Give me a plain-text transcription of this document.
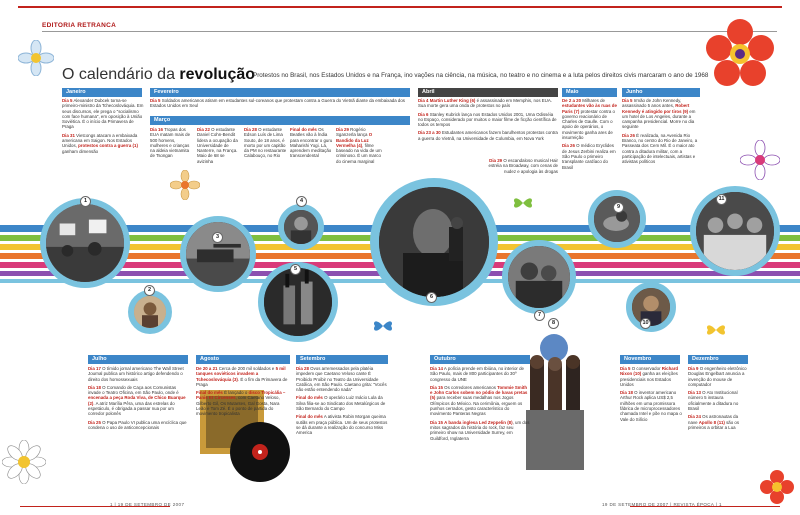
EDITORIA RETRANCA
O calendário da revolução
Protestos no Brasil, nos Estados Unidos e na França, ino vações na ciência, na música, no teatro e no cinema e a luta pelos direitos civis marcaram o ano de 1968
Janeiro	Fevereiro
Março
Abril	Maio	Junho

Dia 5 Alexander Dubcek torna-se primeiro-ministro da Tchecoslováquia. Em seus discursos, ele prega o "socialismo com face humana", em oposição à União Soviética. É o início da Primavera de Praga

Dia 31 Vietcongs atacam a embaixada americana em Saigon. Nos Estados Unidos, protestos contra a guerra (1) ganham dimensão

Dia 5 Soldados americanos atiram em estudantes sul-coreanos que protestam contra a Guerra do Vietnã diante da embaixada dos Estados Unidos em Seul

Dia 16 Tropas dos EUA matam mais de 500 homens, mulheres e crianças na aldeia vietnamita de Tsongan

Dia 22 O estudante Daniel Cohn-Bendit lidera a ocupação da Universidade de Nanterre, na França. Maio de 68 se avizinha

Dia 28 O estudante Edson Luís de Lima Souto, de 18 anos, é morto por um capitão da PM no restaurante Calabouço, no Rio

Final do mês Os Beatles vão à Índia para encontrar o guru Maharishi Yogi. Lá, aprendem meditação transcendental

Dia 29 Rogério Sganzerla lança O Bandido da Luz Vermelha (4), filme baseado na vida de um criminoso. É um marco do cinema marginal

Dia 4 Martin Luther King (6) é assassinado em Memphis, nos EUA. Sua morte gera uma onda de protestos no país

Dia 6 Stanley Kubrick lança nos Estados Unidos 2001, Uma Odisséia no Espaço, considerado por muitos o maior filme de ficção científica de todos os tempos

Dia 23 a 30 Estudantes americanos fazem barulhentos protestos contra a guerra do Vietnã, na Universidade de Columbia, em Nova York

Dia 29 O escandaloso musical Hair estréia na Broadway, com cenas de nudez e apologia às drogas

De 2 a 20 Milhares de estudantes vão às ruas de Paris (7) protestar contra o governo reacionário de Charles de Gaulle. Com o apoio de operários, o movimento ganha ares de insurreição

Dia 26 O médico Eryclides de Jesus Zerbini realiza em São Paulo o primeiro transplante cardíaco do Brasil

Dia 5 Irmão de John Kennedy, assassinado 5 anos antes, Robert Kennedy é atingido por tiros (9) em um hotel de Los Angeles, durante a campanha presidencial. Morre no dia seguinte

Dia 26 É realizada, na Avenida Rio Branco, no centro do Rio de Janeiro, a Passeata dos Cem Mil. É o maior ato contra a ditadura militar, com a participação de intelectuais, artistas e ativistas políticos

1
2
3
4
5
6
7
9
10
11
8
Julho	Agosto	Setembro	Outubro	Novembro	Dezembro

Dia 17 O tímido jornal americano The Wall Street Journal publica um histórico artigo defendendo o direito dos homossexuais

Dia 18 O Comando de Caça aos Comunistas invade o Teatro Oficina, em São Paulo, onde é encenada a peça Roda Viva, de Chico Buarque (2). A atriz Marília Pêra, uma das estrelas do espetáculo, é obrigada a passar nua por um corredor polonês

Dia 25 O Papa Paulo VI publica uma encíclica que condena o uso de anticoncepcionais

De 20 a 21 Cerca de 200 mil soldados e 5 mil tanques soviéticos invadem a Tchecoslováquia (3). É o fim da Primavera de Praga

Final do mês É lançado o disco Tropicália – Panis Et Circenses, com Caetano Veloso, Gilberto Gil, Os Mutantes, Gal Gosta, Nara Leão e Tom Zé. É o ponto de partida do movimento tropicalista

Dia 28 Ovos arremessados pela platéia impedem que Caetano Veloso cante É Proibido Proibir no Teatro da Universidade Católica, em São Paulo. Caetano grita: "Vocês não estão entendendo nada"

Final do mês O operário Luiz Inácio Lula da Silva filia-se ao Sindicato dos Metalúrgicos de São Bernardo do Campo

Final do mês A ativista Robin Morgan queima sutiãs em praça pública. Um de seus protestos se dá durante a realização do concurso Miss America

Dia 14 A polícia prende em Ibiúna, no interior de São Paulo, mais de 800 participantes do 30º congresso da UNE

Dia 15 Os corredores americanos Tommie Smith e John Carlos sobem no pódio de luvas pretas (5) para receber suas medalhas nos Jogos Olímpicos do México. Na cerimônia, erguem os punhos cerrados, gesto característico do movimento Panteras Negras

Dia 15 A banda inglesa Led Zeppelin (8), um dos mitos sagrados da história do rock, faz seu primeiro show na Universidade Surrey, em Guildford, Inglaterra

Dia 5 O conservador Richard Nixon (10) ganha as eleições presidenciais nos Estados Unidos

Dia 18 O inventor americano Arthur Rock aplica US$ 2,5 milhões em uma promissora fábrica de microprocessadores chamada Intel e põe no mapa o Vale do Silício

Dia 9 O engenheiro eletrônico Douglas Engelbart anuncia a invenção do mouse de computador

Dia 13 O Ato Institucional número 5 instaura oficialmente a ditadura no Brasil

Dia 24 Os astronautas da nave Apollo 8 (11) são os primeiros a orbitar a Lua

1 | 19 DE SETEMBRO DE 2007	19 DE SETEMBRO DE 2007 | REVISTA ÉPOCA | 1
